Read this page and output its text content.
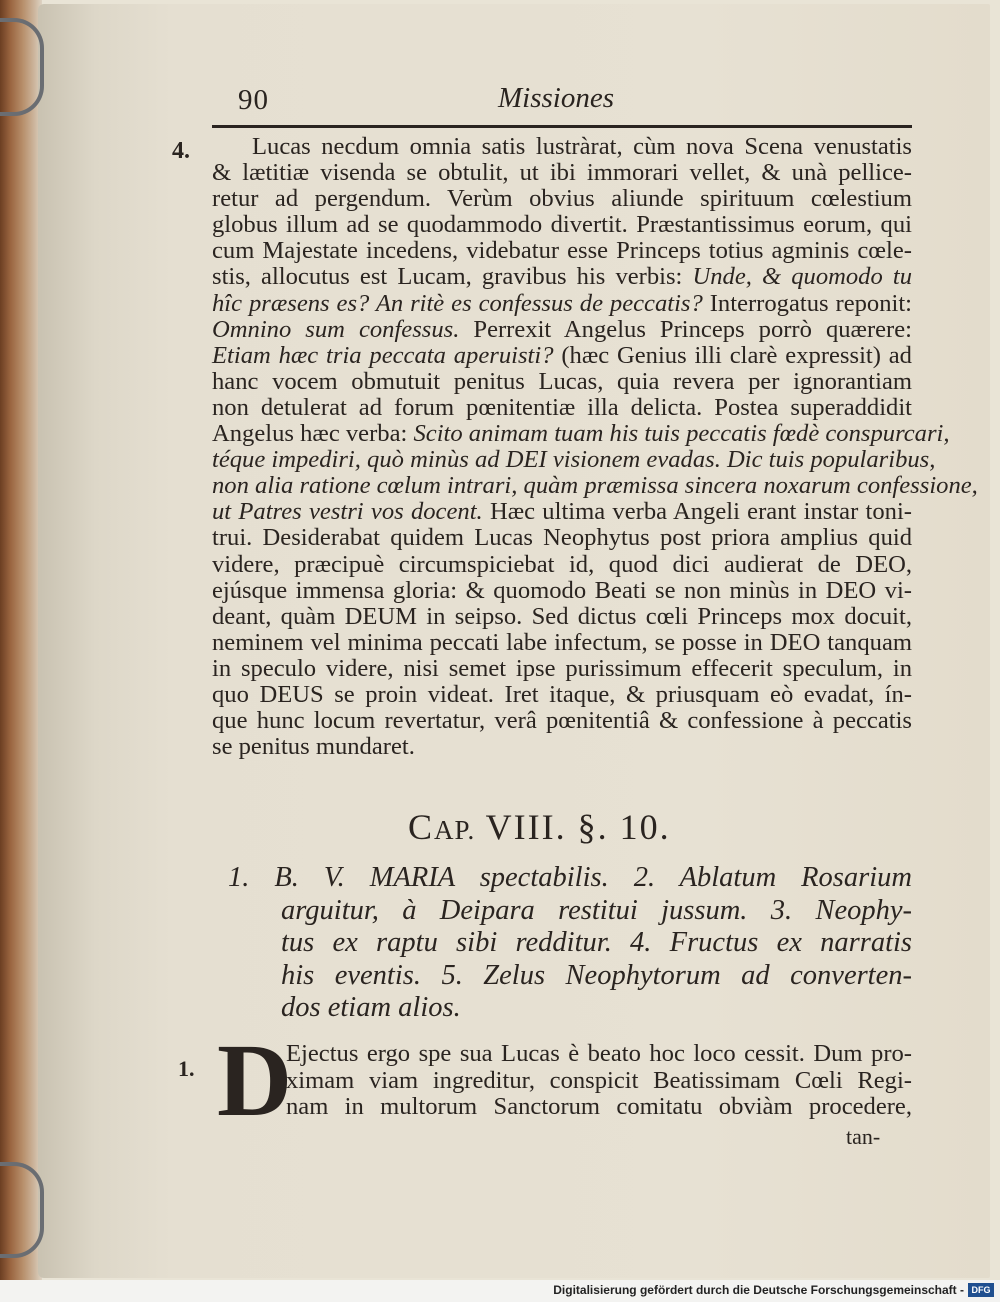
90	Missiones
4.	Lucas necdum omnia satis lustràrat, cùm nova Scena venustatis
& lætitiæ visenda se obtulit, ut ibi immorari vellet, & unà pellice-
retur ad pergendum. Verùm obvius aliunde spirituum cœlestium
globus illum ad se quodammodo divertit. Præstantissimus eorum, qui
cum Majestate incedens, videbatur esse Princeps totius agminis cœle-
stis, allocutus est Lucam, gravibus his verbis: Unde, & quomodo tu
hîc præsens es? An ritè es confessus de peccatis? Interrogatus reponit:
Omnino sum confessus. Perrexit Angelus Princeps porrò quærere:
Etiam hæc tria peccata aperuisti? (hæc Genius illi clarè expressit) ad
hanc vocem obmutuit penitus Lucas, quia revera per ignorantiam
non detulerat ad forum pœnitentiæ illa delicta. Postea superaddidit
Angelus hæc verba: Scito animam tuam his tuis peccatis fœdè conspurcari,
téque impediri, quò minùs ad DEI visionem evadas. Dic tuis popularibus,
non alia ratione cœlum intrari, quàm præmissa sincera noxarum confessione,
ut Patres vestri vos docent. Hæc ultima verba Angeli erant instar toni-
trui. Desiderabat quidem Lucas Neophytus post priora amplius quid
videre, præcipuè circumspiciebat id, quod dici audierat de DEO,
ejúsque immensa gloria: & quomodo Beati se non minùs in DEO vi-
deant, quàm DEUM in seipso. Sed dictus cœli Princeps mox docuit,
neminem vel minima peccati labe infectum, se posse in DEO tanquam
in speculo videre, nisi semet ipse purissimum effecerit speculum, in
quo DEUS se proin videat. Iret itaque, & priusquam eò evadat, ín-
que hunc locum revertatur, verâ pœnitentiâ & confessione à peccatis
se penitus mundaret.
CAP. VIII. §. 10.
1. B. V. MARIA spectabilis. 2. Ablatum Rosarium
arguitur, à Deipara restitui jussum. 3. Neophy-
tus ex raptu sibi redditur. 4. Fructus ex narratis
his eventis. 5. Zelus Neophytorum ad converten-
dos etiam alios.
1. D
Ejectus ergo spe sua Lucas è beato hoc loco cessit. Dum pro-
ximam viam ingreditur, conspicit Beatissimam Cœli Regi-
nam in multorum Sanctorum comitatu obviàm procedere,
tan-
Digitalisierung gefördert durch die Deutsche Forschungsgemeinschaft - DFG
